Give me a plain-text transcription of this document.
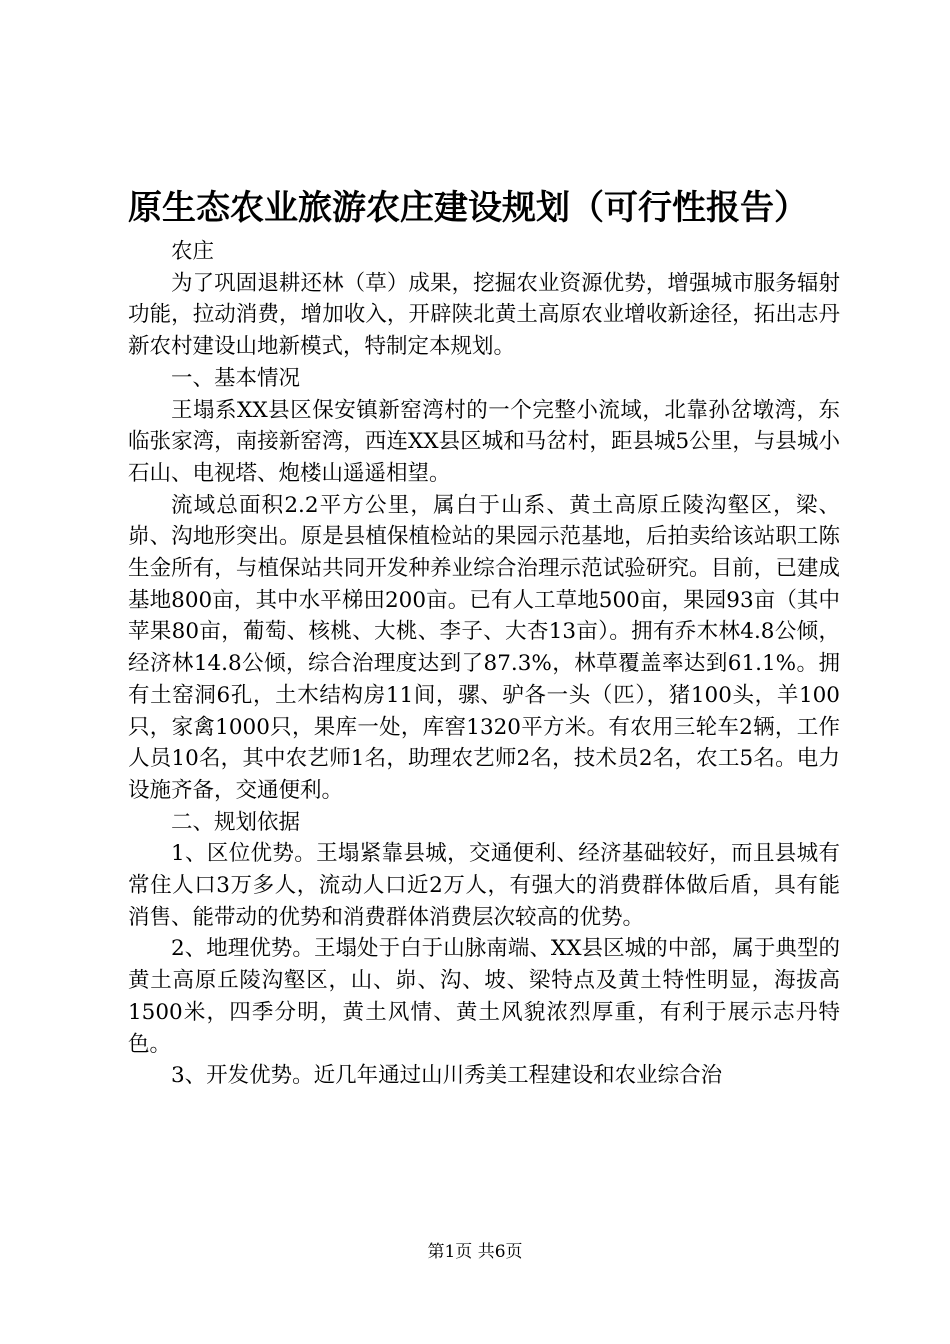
原生态农业旅游农庄建设规划（可行性报告）

农庄

为了巩固退耕还林（草）成果，挖掘农业资源优势，增强城市服务辐射功能，拉动消费，增加收入，开辟陕北黄土高原农业增收新途径，拓出志丹新农村建设山地新模式，特制定本规划。

一、基本情况

王塌系XX县区保安镇新窑湾村的一个完整小流域，北靠孙岔墩湾，东临张家湾，南接新窑湾，西连XX县区城和马岔村，距县城5公里，与县城小石山、电视塔、炮楼山遥遥相望。

流域总面积2.2平方公里，属白于山系、黄土高原丘陵沟壑区，梁、峁、沟地形突出。原是县植保植检站的果园示范基地，后拍卖给该站职工陈生金所有，与植保站共同开发种养业综合治理示范试验研究。目前，已建成基地800亩，其中水平梯田200亩。已有人工草地500亩，果园93亩（其中苹果80亩，葡萄、核桃、大桃、李子、大杏13亩）。拥有乔木林4.8公倾，经济林14.8公倾，综合治理度达到了87.3%，林草覆盖率达到61.1%。拥有土窑洞6孔，土木结构房11间，骡、驴各一头（匹），猪100头，羊100只，家禽1000只，果库一处，库窖1320平方米。有农用三轮车2辆，工作人员10名，其中农艺师1名，助理农艺师2名，技术员2名，农工5名。电力设施齐备，交通便利。

二、规划依据

1、区位优势。王塌紧靠县城，交通便利、经济基础较好，而且县城有常住人口3万多人，流动人口近2万人，有强大的消费群体做后盾，具有能消售、能带动的优势和消费群体消费层次较高的优势。

2、地理优势。王塌处于白于山脉南端、XX县区城的中部，属于典型的黄土高原丘陵沟壑区，山、峁、沟、坡、梁特点及黄土特性明显，海拔高1500米，四季分明，黄土风情、黄土风貌浓烈厚重，有利于展示志丹特色。

3、开发优势。近几年通过山川秀美工程建设和农业综合治

第1页 共6页
